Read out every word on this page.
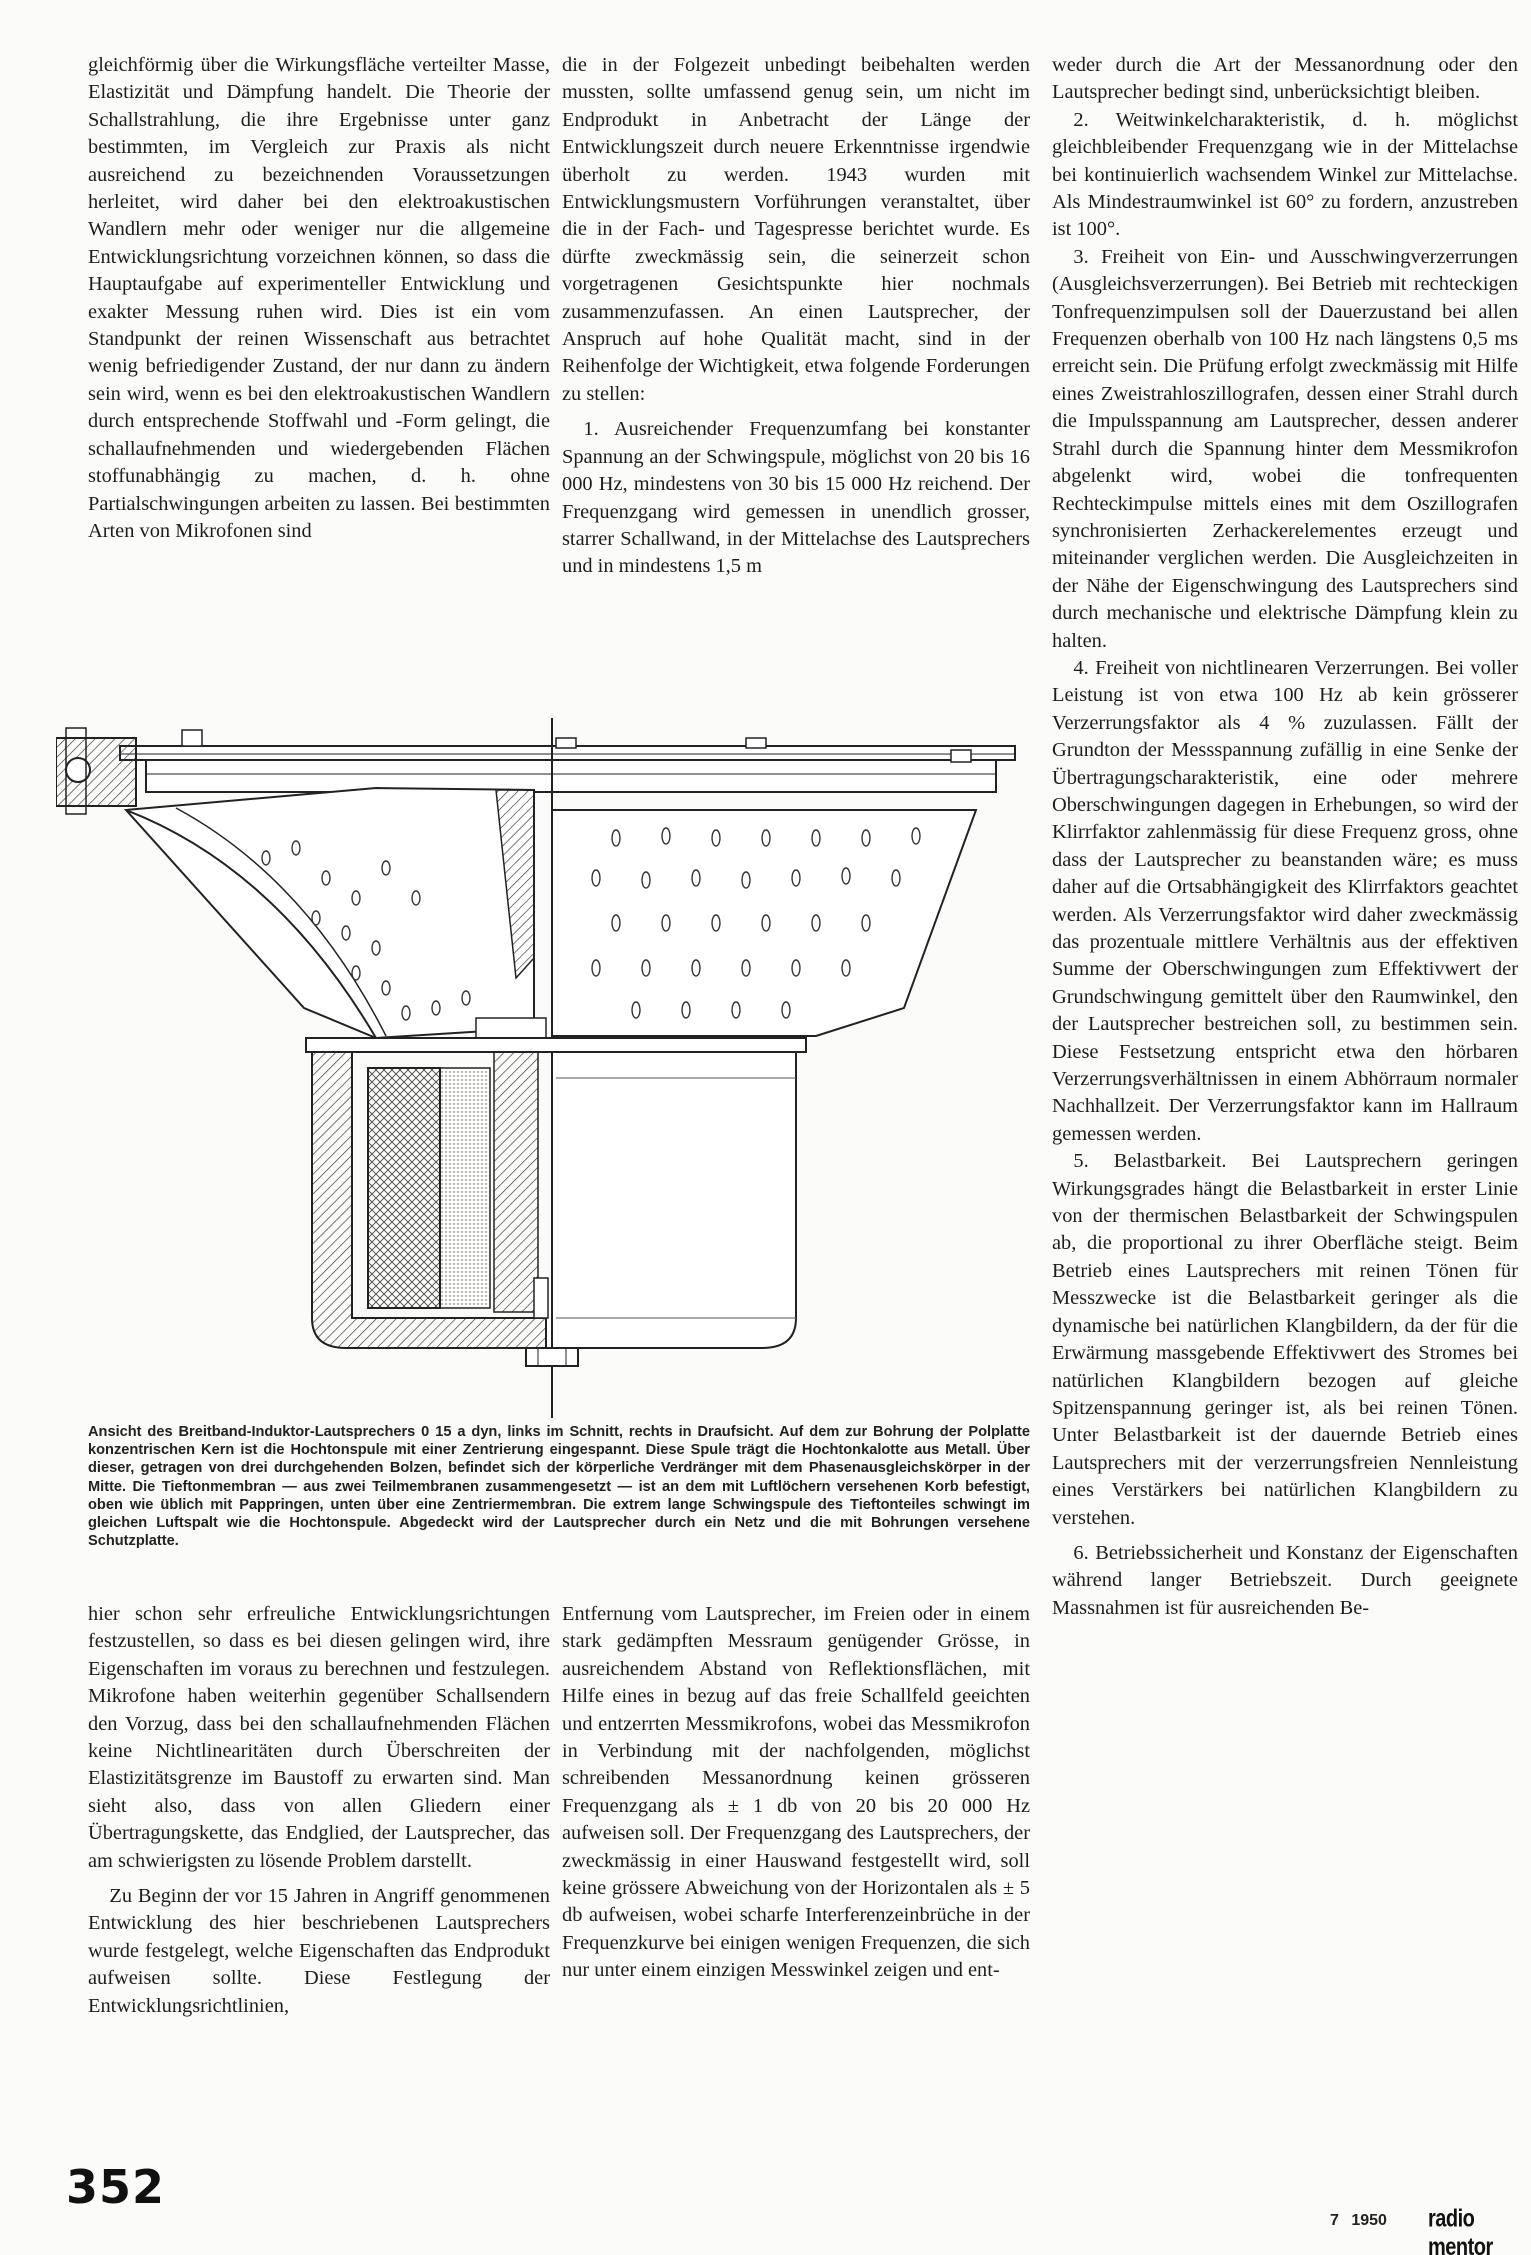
gleichförmig über die Wirkungsfläche verteilter Masse, Elastizität und Dämpfung handelt. Die Theorie der Schallstrahlung, die ihre Ergebnisse unter ganz bestimmten, im Vergleich zur Praxis als nicht ausreichend zu bezeichnenden Voraussetzungen herleitet, wird daher bei den elektroakustischen Wandlern mehr oder weniger nur die allgemeine Entwicklungsrichtung vorzeichnen können, so dass die Hauptaufgabe auf experimenteller Entwicklung und exakter Messung ruhen wird. Dies ist ein vom Standpunkt der reinen Wissenschaft aus betrachtet wenig befriedigender Zustand, der nur dann zu ändern sein wird, wenn es bei den elektroakustischen Wandlern durch entsprechende Stoffwahl und -Form gelingt, die schallaufnehmenden und wiedergebenden Flächen stoffunabhängig zu machen, d. h. ohne Partialschwingungen arbeiten zu lassen. Bei bestimmten Arten von Mikrofonen sind

die in der Folgezeit unbedingt beibehalten werden mussten, sollte umfassend genug sein, um nicht im Endprodukt in Anbetracht der Länge der Entwicklungszeit durch neuere Erkenntnisse irgendwie überholt zu werden. 1943 wurden mit Entwicklungsmustern Vorführungen veranstaltet, über die in der Fach- und Tagespresse berichtet wurde. Es dürfte zweckmässig sein, die seinerzeit schon vorgetragenen Gesichtspunkte hier nochmals zusammenzufassen. An einen Lautsprecher, der Anspruch auf hohe Qualität macht, sind in der Reihenfolge der Wichtigkeit, etwa folgende Forderungen zu stellen:

1. Ausreichender Frequenzumfang bei konstanter Spannung an der Schwingspule, möglichst von 20 bis 16 000 Hz, mindestens von 30 bis 15 000 Hz reichend. Der Frequenzgang wird gemessen in unendlich grosser, starrer Schallwand, in der Mittelachse des Lautsprechers und in mindestens 1,5 m

weder durch die Art der Messanordnung oder den Lautsprecher bedingt sind, unberücksichtigt bleiben.

2. Weitwinkelcharakteristik, d. h. möglichst gleichbleibender Frequenzgang wie in der Mittelachse bei kontinuierlich wachsendem Winkel zur Mittelachse. Als Mindestraumwinkel ist 60° zu fordern, anzustreben ist 100°.

3. Freiheit von Ein- und Ausschwingverzerrungen (Ausgleichsverzerrungen). Bei Betrieb mit rechteckigen Tonfrequenzimpulsen soll der Dauerzustand bei allen Frequenzen oberhalb von 100 Hz nach längstens 0,5 ms erreicht sein. Die Prüfung erfolgt zweckmässig mit Hilfe eines Zweistrahloszillografen, dessen einer Strahl durch die Impulsspannung am Lautsprecher, dessen anderer Strahl durch die Spannung hinter dem Messmikrofon abgelenkt wird, wobei die tonfrequenten Rechteckimpulse mittels eines mit dem Oszillografen synchronisierten Zerhackerelementes erzeugt und miteinander verglichen werden. Die Ausgleichzeiten in der Nähe der Eigenschwingung des Lautsprechers sind durch mechanische und elektrische Dämpfung klein zu halten.

4. Freiheit von nichtlinearen Verzerrungen. Bei voller Leistung ist von etwa 100 Hz ab kein grösserer Verzerrungsfaktor als 4 % zuzulassen. Fällt der Grundton der Messspannung zufällig in eine Senke der Übertragungscharakteristik, eine oder mehrere Oberschwingungen dagegen in Erhebungen, so wird der Klirrfaktor zahlenmässig für diese Frequenz gross, ohne dass der Lautsprecher zu beanstanden wäre; es muss daher auf die Ortsabhängigkeit des Klirrfaktors geachtet werden. Als Verzerrungsfaktor wird daher zweckmässig das prozentuale mittlere Verhältnis aus der effektiven Summe der Oberschwingungen zum Effektivwert der Grundschwingung gemittelt über den Raumwinkel, den der Lautsprecher bestreichen soll, zu bestimmen sein. Diese Festsetzung entspricht etwa den hörbaren Verzerrungsverhältnissen in einem Abhörraum normaler Nachhallzeit. Der Verzerrungsfaktor kann im Hallraum gemessen werden.

5. Belastbarkeit. Bei Lautsprechern geringen Wirkungsgrades hängt die Belastbarkeit in erster Linie von der thermischen Belastbarkeit der Schwingspulen ab, die proportional zu ihrer Oberfläche steigt. Beim Betrieb eines Lautsprechers mit reinen Tönen für Messzwecke ist die Belastbarkeit geringer als die dynamische bei natürlichen Klangbildern, da der für die Erwärmung massgebende Effektivwert des Stromes bei natürlichen Klangbildern bezogen auf gleiche Spitzenspannung geringer ist, als bei reinen Tönen. Unter Belastbarkeit ist der dauernde Betrieb eines Lautsprechers mit der verzerrungsfreien Nennleistung eines Verstärkers bei natürlichen Klangbildern zu verstehen.

6. Betriebssicherheit und Konstanz der Eigenschaften während langer Betriebszeit. Durch geeignete Massnahmen ist für ausreichenden Be-

Ansicht des Breitband-Induktor-Lautsprechers 0 15 a dyn, links im Schnitt, rechts in Draufsicht. Auf dem zur Bohrung der Polplatte konzentrischen Kern ist die Hochtonspule mit einer Zentrierung eingespannt. Diese Spule trägt die Hochtonkalotte aus Metall. Über dieser, getragen von drei durchgehenden Bolzen, befindet sich der körperliche Verdränger mit dem Phasenausgleichskörper in der Mitte. Die Tieftonmembran — aus zwei Teilmembranen zusammengesetzt — ist an dem mit Luftlöchern versehenen Korb befestigt, oben wie üblich mit Pappringen, unten über eine Zentriermembran. Die extrem lange Schwingspule des Tieftonteiles schwingt im gleichen Luftspalt wie die Hochtonspule. Abgedeckt wird der Lautsprecher durch ein Netz und die mit Bohrungen versehene Schutzplatte.

hier schon sehr erfreuliche Entwicklungsrichtungen festzustellen, so dass es bei diesen gelingen wird, ihre Eigenschaften im voraus zu berechnen und festzulegen. Mikrofone haben weiterhin gegenüber Schallsendern den Vorzug, dass bei den schallaufnehmenden Flächen keine Nichtlinearitäten durch Überschreiten der Elastizitätsgrenze im Baustoff zu erwarten sind. Man sieht also, dass von allen Gliedern einer Übertragungskette, das Endglied, der Lautsprecher, das am schwierigsten zu lösende Problem darstellt.

Zu Beginn der vor 15 Jahren in Angriff genommenen Entwicklung des hier beschriebenen Lautsprechers wurde festgelegt, welche Eigenschaften das Endprodukt aufweisen sollte. Diese Festlegung der Entwicklungsrichtlinien,

Entfernung vom Lautsprecher, im Freien oder in einem stark gedämpften Messraum genügender Grösse, in ausreichendem Abstand von Reflektionsflächen, mit Hilfe eines in bezug auf das freie Schallfeld geeichten und entzerrten Messmikrofons, wobei das Messmikrofon in Verbindung mit der nachfolgenden, möglichst schreibenden Messanordnung keinen grösseren Frequenzgang als ± 1 db von 20 bis 20 000 Hz aufweisen soll. Der Frequenzgang des Lautsprechers, der zweckmässig in einer Hauswand festgestellt wird, soll keine grössere Abweichung von der Horizontalen als ± 5 db aufweisen, wobei scharfe Interferenzeinbrüche in der Frequenzkurve bei einigen wenigen Frequenzen, die sich nur unter einem einzigen Messwinkel zeigen und ent-

352
7 1950 radio mentor
